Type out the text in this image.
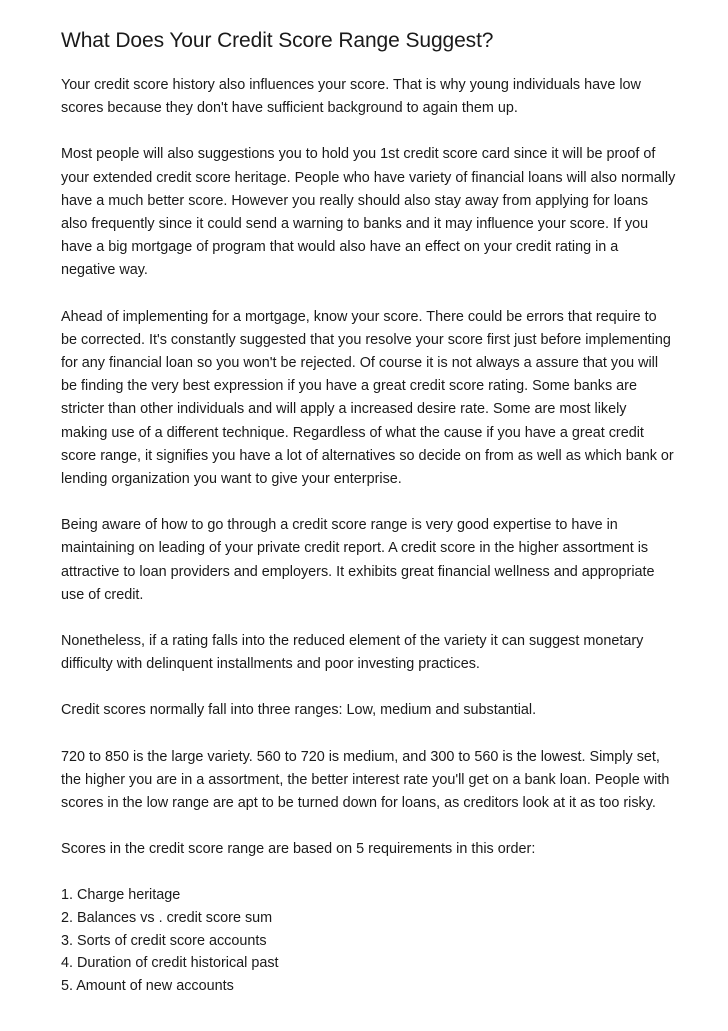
What Does Your Credit Score Range Suggest?

Your credit score history also influences your score. That is why young individuals have low scores because they don't have sufficient background to again them up.

Most people will also suggestions you to hold you 1st credit score card since it will be proof of your extended credit score heritage. People who have variety of financial loans will also normally have a much better score. However you really should also stay away from applying for loans also frequently since it could send a warning to banks and it may influence your score. If you have a big mortgage of program that would also have an effect on your credit rating in a negative way.

Ahead of implementing for a mortgage, know your score. There could be errors that require to be corrected. It's constantly suggested that you resolve your score first just before implementing for any financial loan so you won't be rejected. Of course it is not always a assure that you will be finding the very best expression if you have a great credit score rating. Some banks are stricter than other individuals and will apply a increased desire rate. Some are most likely making use of a different technique. Regardless of what the cause if you have a great credit score range, it signifies you have a lot of alternatives so decide on from as well as which bank or lending organization you want to give your enterprise.

Being aware of how to go through a credit score range is very good expertise to have in maintaining on leading of your private credit report. A credit score in the higher assortment is attractive to loan providers and employers. It exhibits great financial wellness and appropriate use of credit.

Nonetheless, if a rating falls into the reduced element of the variety it can suggest monetary difficulty with delinquent installments and poor investing practices.

Credit scores normally fall into three ranges: Low, medium and substantial.

720 to 850 is the large variety. 560 to 720 is medium, and 300 to 560 is the lowest. Simply set, the higher you are in a assortment, the better interest rate you'll get on a bank loan. People with scores in the low range are apt to be turned down for loans, as creditors look at it as too risky.

Scores in the credit score range are based on 5 requirements in this order:

1. Charge heritage
2. Balances vs . credit score sum
3. Sorts of credit score accounts
4. Duration of credit historical past
5. Amount of new accounts
